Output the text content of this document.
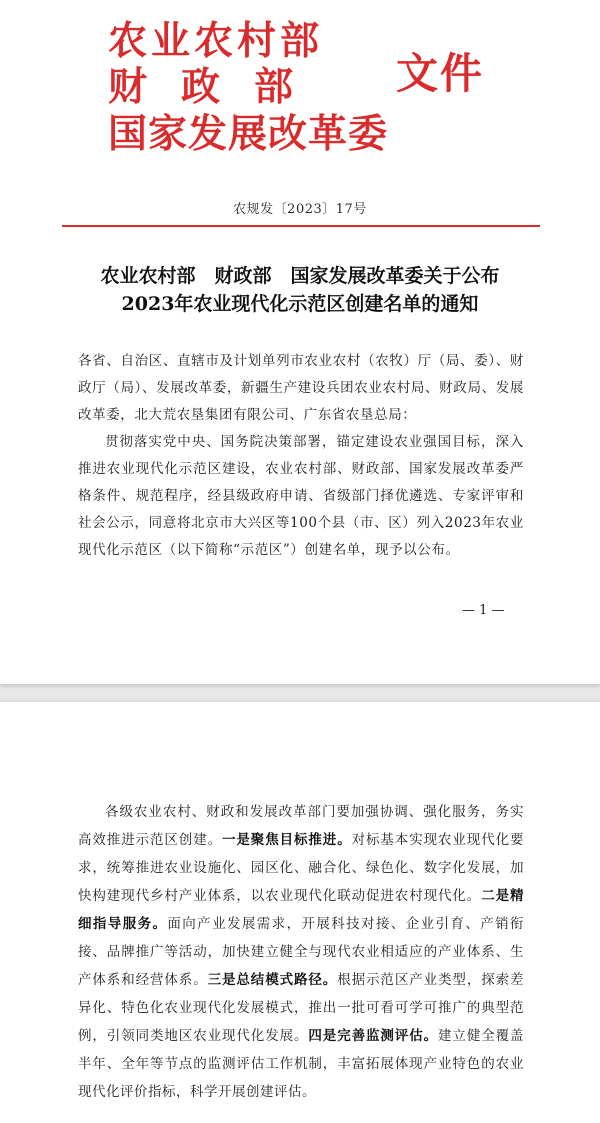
农业农村部
财政部
国家发展改革委
文件
农规发〔2023〕17号
农业农村部　财政部　国家发展改革委关于公布
2023年农业现代化示范区创建名单的通知
各省、自治区、直辖市及计划单列市农业农村（农牧）厅（局、委）、财政厅（局）、发展改革委，新疆生产建设兵团农业农村局、财政局、发展改革委，北大荒农垦集团有限公司、广东省农垦总局：
贯彻落实党中央、国务院决策部署，锚定建设农业强国目标，深入推进农业现代化示范区建设，农业农村部、财政部、国家发展改革委严格条件、规范程序，经县级政府申请、省级部门择优遴选、专家评审和社会公示，同意将北京市大兴区等100个县（市、区）列入2023年农业现代化示范区（以下简称“示范区”）创建名单，现予以公布。
— 1 —
各级农业农村、财政和发展改革部门要加强协调、强化服务，务实高效推进示范区创建。一是聚焦目标推进。对标基本实现农业现代化要求，统筹推进农业设施化、园区化、融合化、绿色化、数字化发展，加快构建现代乡村产业体系，以农业现代化联动促进农村现代化。二是精细指导服务。面向产业发展需求，开展科技对接、企业引育、产销衔接、品牌推广等活动，加快建立健全与现代农业相适应的产业体系、生产体系和经营体系。三是总结模式路径。根据示范区产业类型，探索差异化、特色化农业现代化发展模式，推出一批可看可学可推广的典型范例，引领同类地区农业现代化发展。四是完善监测评估。建立健全覆盖半年、全年等节点的监测评估工作机制，丰富拓展体现产业特色的农业现代化评价指标，科学开展创建评估。
